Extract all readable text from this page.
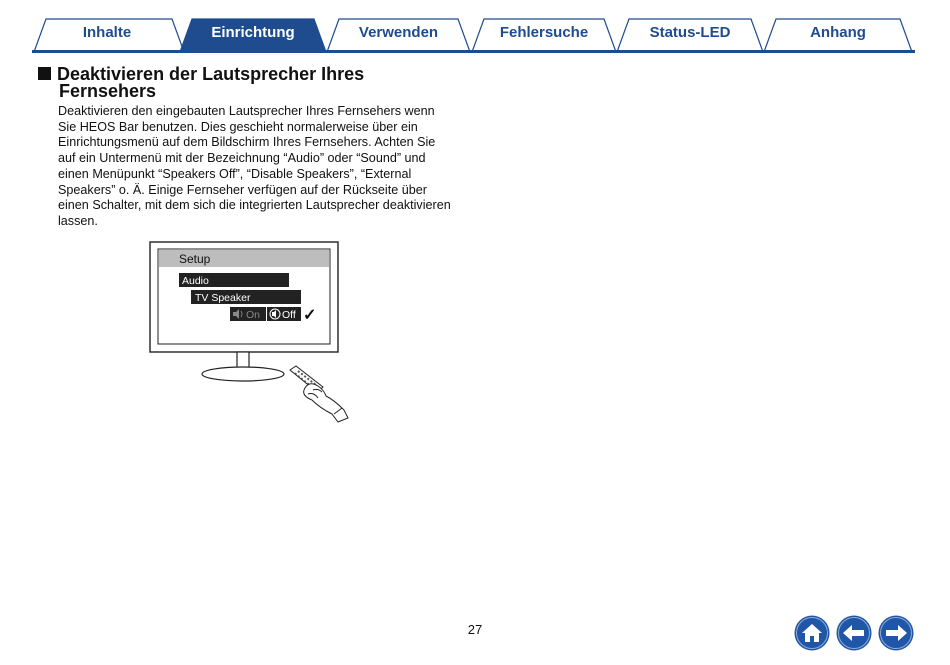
Inhalte	Einrichtung	Verwenden	Fehlersuche	Status-LED	Anhang
Deaktivieren der Lautsprecher Ihres
Fernsehers
Deaktivieren den eingebauten Lautsprecher Ihres Fernsehers wenn
Sie HEOS Bar benutzen. Dies geschieht normalerweise über ein
Einrichtungsmenü auf dem Bildschirm Ihres Fernsehers. Achten Sie
auf ein Untermenü mit der Bezeichnung “Audio” oder “Sound” und
einen Menüpunkt “Speakers Off”, “Disable Speakers”, “External
Speakers” o. Ä. Einige Fernseher verfügen auf der Rückseite über
einen Schalter, mit dem sich die integrierten Lautsprecher deaktivieren
lassen.
Setup
Audio
TV Speaker
On Off ✓
27
